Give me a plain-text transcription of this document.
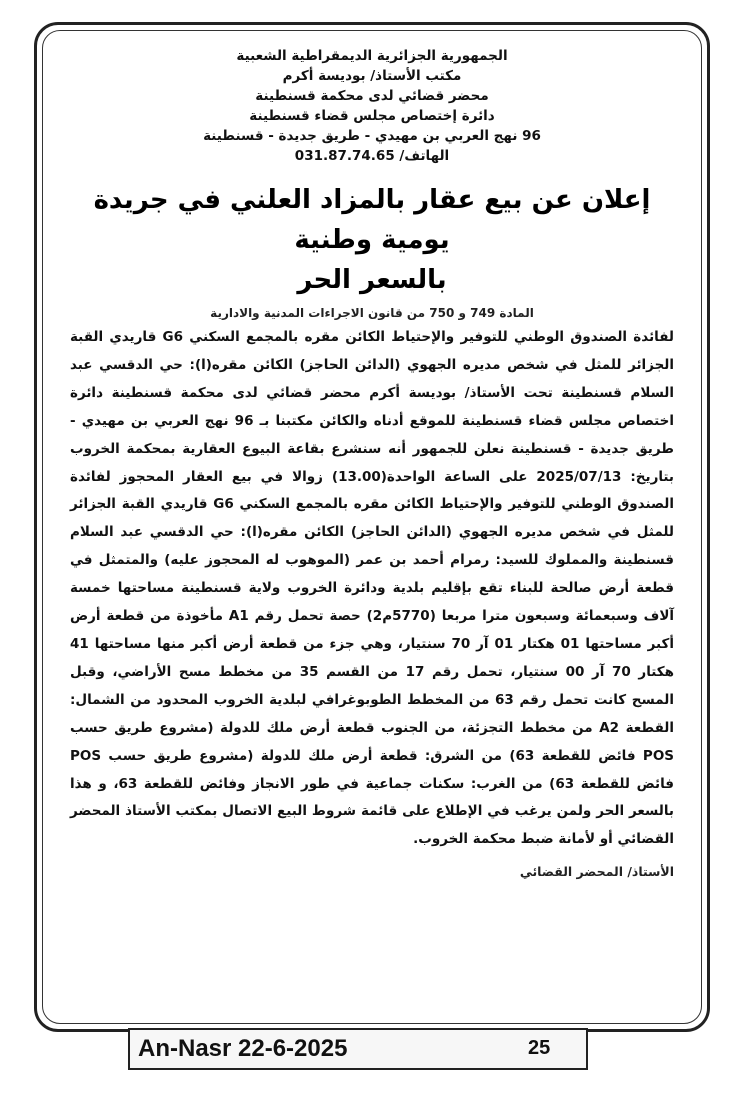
الجمهورية الجزائرية الديمقراطية الشعبية
مكتب الأستاذ/ بوديسة أكرم
محضر قضائي لدى محكمة قسنطينة
دائرة إختصاص مجلس قضاء قسنطينة
96 نهج العربي بن مهيدي - طريق جديدة - قسنطينة
الهاتف/ 031.87.74.65
إعلان عن بيع عقار بالمزاد العلني في جريدة يومية وطنية
بالسعر الحر
المادة 749 و 750 من قانون الاجراءات المدنية والادارية
لفائدة الصندوق الوطني للتوفير والإحتياط الكائن مقره بالمجمع السكني G6 قاريدي القبة الجزائر للمثل في شخص مديره الجهوي (الدائن الحاجز) الكائن مقره(ا): حي الدقسي عبد السلام قسنطينة تحت الأستاذ/ بوديسة أكرم محضر قضائي لدى محكمة قسنطينة دائرة اختصاص مجلس قضاء قسنطينة للموقع أدناه والكائن مكتبنا بـ 96 نهج العربي بن مهيدي - طريق جديدة - قسنطينة نعلن للجمهور أنه سنشرع بقاعة البيوع العقارية بمحكمة الخروب بتاريخ: 2025/07/13 على الساعة الواحدة(13.00) زوالا في بيع العقار المحجوز لفائدة الصندوق الوطني للتوفير والإحتياط الكائن مقره بالمجمع السكني G6 قاريدي القبة الجزائر للمثل في شخص مديره الجهوي (الدائن الحاجز) الكائن مقره(ا): حي الدقسي عبد السلام قسنطينة والمملوك للسيد: رمرام أحمد بن عمر (الموهوب له المحجوز عليه) والمتمثل في قطعة أرض صالحة للبناء تقع بإقليم بلدية ودائرة الخروب ولاية قسنطينة مساحتها خمسة آلاف وسبعمائة وسبعون مترا مربعا (5770م2) حصة تحمل رقم A1 مأخوذة من قطعة أرض أكبر مساحتها 01 هكتار 01 آر 70 سنتيار، وهي جزء من قطعة أرض أكبر منها مساحتها 41 هكتار 70 آر 00 سنتيار، تحمل رقم 17 من القسم 35 من مخطط مسح الأراضي، وقبل المسح كانت تحمل رقم 63 من المخطط الطوبوغرافي لبلدية الخروب المحدود من الشمال: القطعة A2 من مخطط التجزئة، من الجنوب قطعة أرض ملك للدولة (مشروع طريق حسب POS فائض للقطعة 63) من الشرق: قطعة أرض ملك للدولة (مشروع طريق حسب POS فائض للقطعة 63) من الغرب: سكنات جماعية في طور الانجاز وفائض للقطعة 63، و هذا بالسعر الحر ولمن يرغب في الإطلاع على قائمة شروط البيع الاتصال بمكتب الأستاذ المحضر القضائي أو لأمانة ضبط محكمة الخروب.
الأستاذ/ المحضر القضائي
An-Nasr 22-6-2025	25
